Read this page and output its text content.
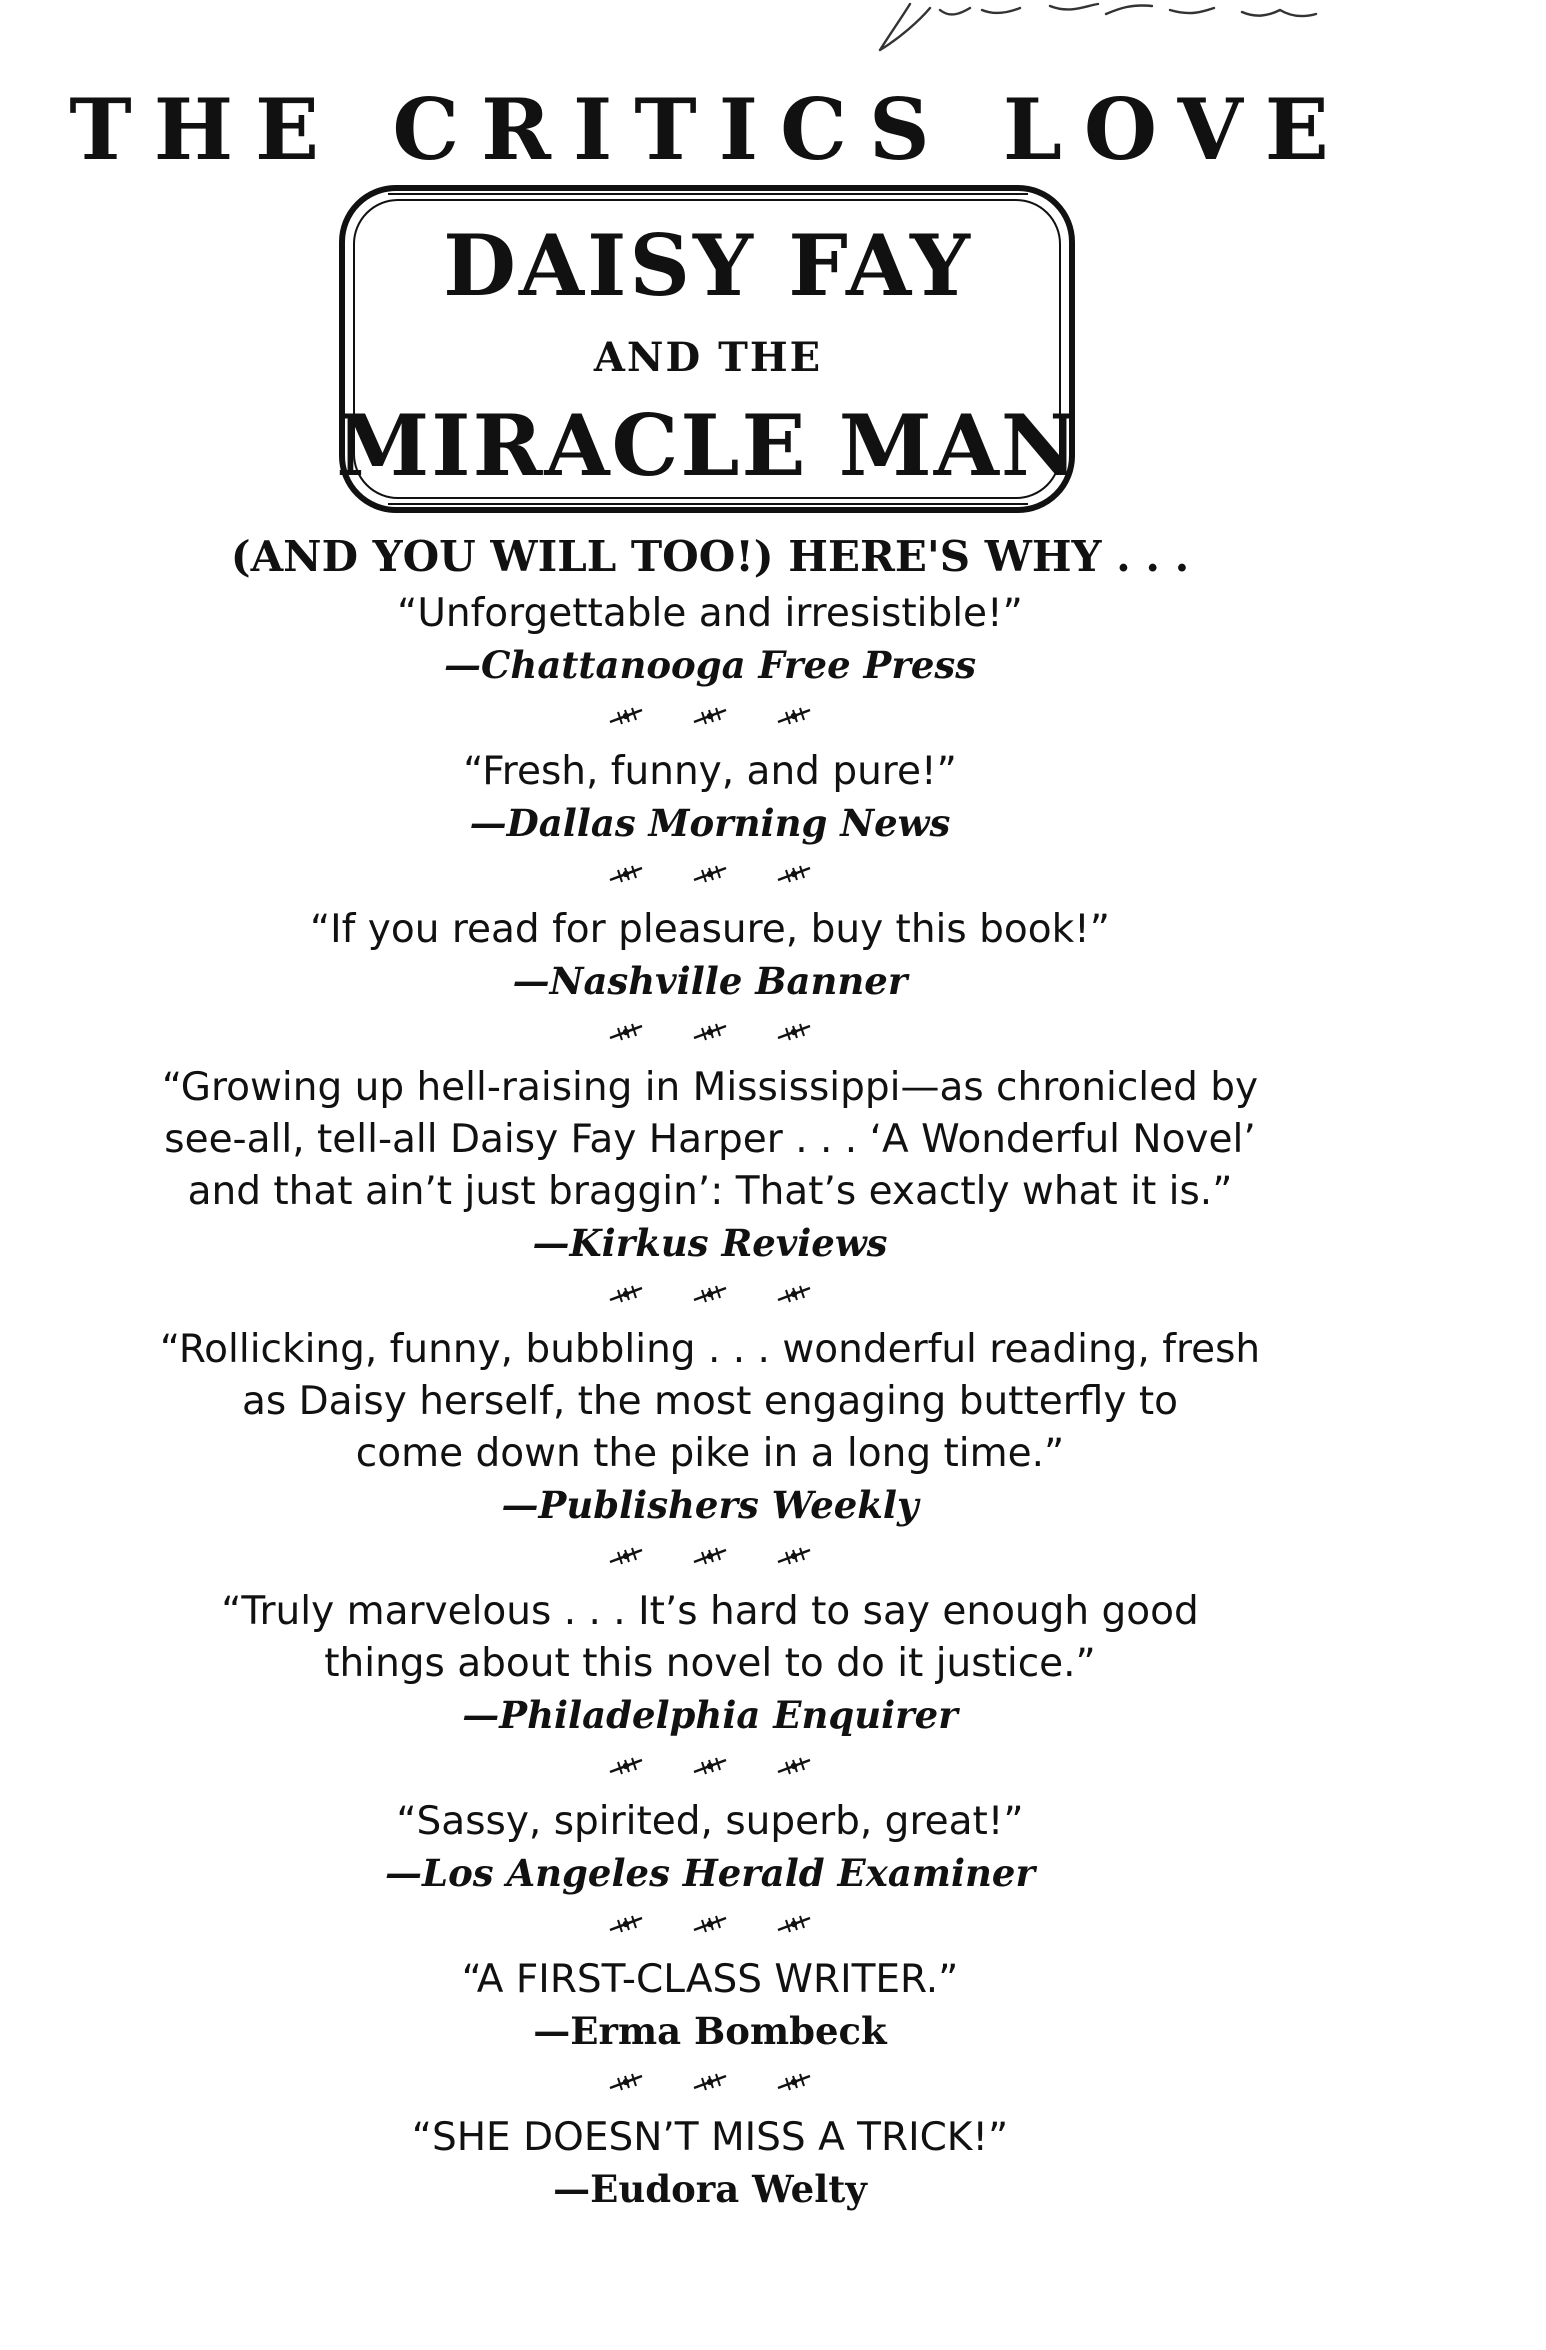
THE CRITICS LOVE
DAISY FAY
AND THE
MIRACLE MAN
(AND YOU WILL TOO!) HERE'S WHY . . .

“Unforgettable and irresistible!”

—Chattanooga Free Press

“Fresh, funny, and pure!”

—Dallas Morning News

“If you read for pleasure, buy this book!”

—Nashville Banner

“Growing up hell-raising in Mississippi—as chronicled by

see-all, tell-all Daisy Fay Harper . . . ‘A Wonderful Novel’

and that ain’t just braggin’: That’s exactly what it is.”

—Kirkus Reviews

“Rollicking, funny, bubbling . . . wonderful reading, fresh

as Daisy herself, the most engaging butterfly to

come down the pike in a long time.”

—Publishers Weekly

“Truly marvelous . . . It’s hard to say enough good

things about this novel to do it justice.”

—Philadelphia Enquirer

“Sassy, spirited, superb, great!”

—Los Angeles Herald Examiner

“A FIRST-CLASS WRITER.”

—Erma Bombeck

“SHE DOESN’T MISS A TRICK!”

—Eudora Welty
